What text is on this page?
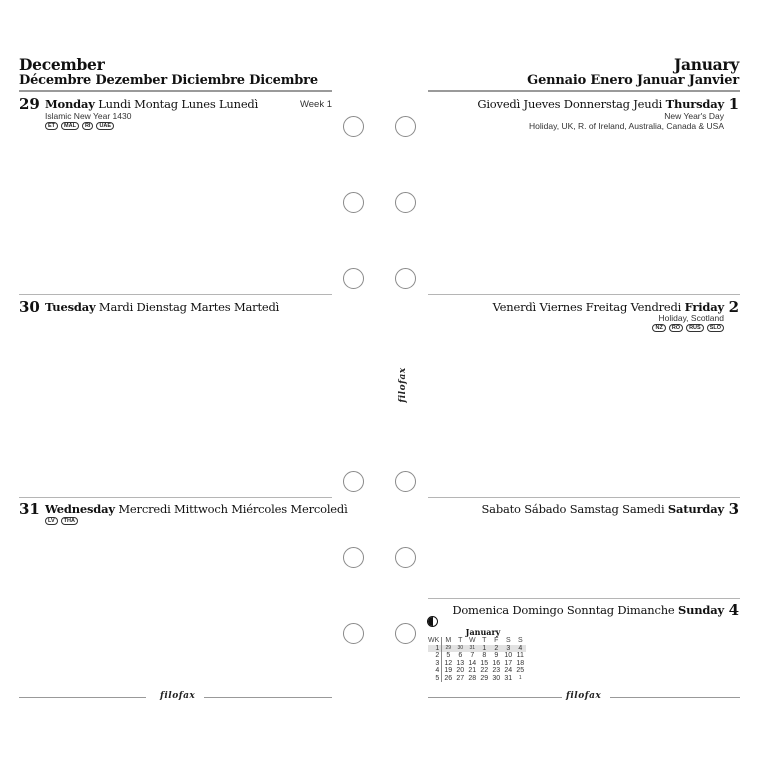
December
Décembre Dezember Diciembre Dicembre
January
Gennaio Enero Januar Janvier
29 Monday Lundi Montag Lunes Lunedì	Week 1
Islamic New Year 1430
ET	MAL	RI	UAE
30 Tuesday Mardi Dienstag Martes Martedì
31 Wednesday Mercredi Mittwoch Miércoles Mercoledì
LV	THA
filofax
1
Giovedì Jueves Donnerstag Jeudi Thursday
New Year's Day
Holiday, UK, R. of Ireland, Australia, Canada & USA
2
Venerdì Viernes Freitag Vendredi Friday
Holiday, Scotland
NZ	RO	RUS	SLO
3
Sabato Sábado Samstag Samedi Saturday
4
Domenica Domingo Sonntag Dimanche Sunday
January
WK	M	T	W	T	F	S	S
1	29	30	31	1	2	3	4
2	5	6	7	8	9	10	11
3	12	13	14	15	16	17	18
4	19	20	21	22	23	24	25
5	26	27	28	29	30	31	1
filofax
filofax
